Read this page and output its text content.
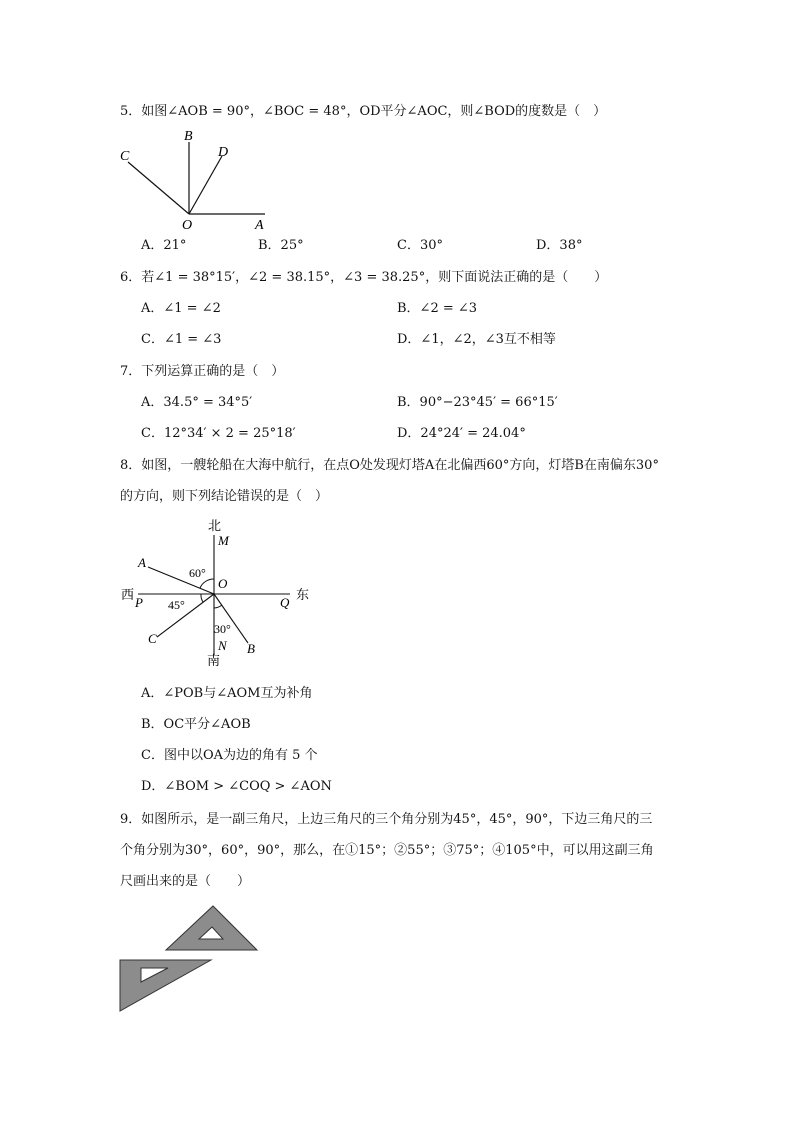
5．如图∠AOB = 90°，∠BOC = 48°，OD平分∠AOC，则∠BOD的度数是（　）
B
C	D
O	A
A．21°	B．25°	C．30°	D．38°
6．若∠1 = 38°15′，∠2 = 38.15°，∠3 = 38.25°，则下面说法正确的是（　　）
A．∠1 = ∠2	B．∠2 = ∠3
C．∠1 = ∠3	D．∠1，∠2，∠3互不相等
7．下列运算正确的是（　）
A．34.5° = 34°5′	B．90°−23°45′ = 66°15′
C．12°34′ × 2 = 25°18′	D．24°24′ = 24.04°
8．如图，一艘轮船在大海中航行，在点O处发现灯塔A在北偏西60°方向，灯塔B在南偏东30°
的方向，则下列结论错误的是（　）
北
M
A
60°
O
西
P 45°	Q
东
30°
C	N B
南
A．∠POB与∠AOM互为补角
B．OC平分∠AOB
C．图中以OA为边的角有 5 个
D．∠BOM > ∠COQ > ∠AON
9．如图所示，是一副三角尺，上边三角尺的三个角分别为45°，45°，90°，下边三角尺的三
个角分别为30°，60°，90°，那么，在①15°；②55°；③75°；④105°中，可以用这副三角
尺画出来的是（　　）
